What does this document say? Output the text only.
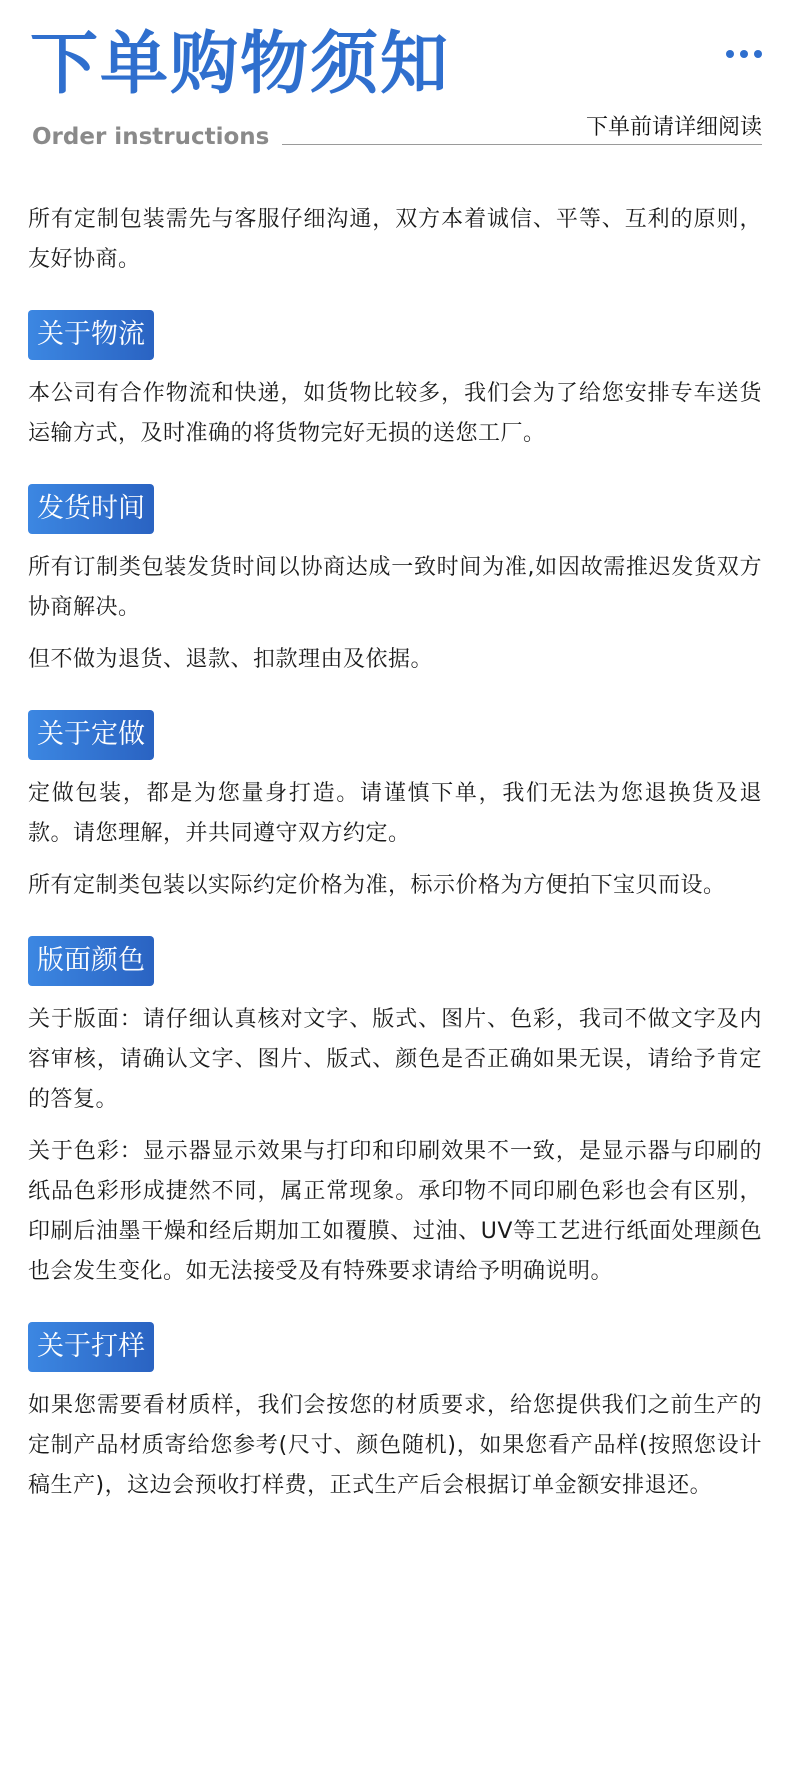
下单购物须知
Order instructions	下单前请详细阅读

所有定制包装需先与客服仔细沟通，双方本着诚信、平等、互利的原则，友好协商。

关于物流

本公司有合作物流和快递，如货物比较多，我们会为了给您安排专车送货运输方式，及时准确的将货物完好无损的送您工厂。

发货时间

所有订制类包装发货时间以协商达成一致时间为准,如因故需推迟发货双方协商解决。

但不做为退货、退款、扣款理由及依据。

关于定做

定做包装，都是为您量身打造。请谨慎下单，我们无法为您退换货及退款。请您理解，并共同遵守双方约定。

所有定制类包装以实际约定价格为准，标示价格为方便拍下宝贝而设。

版面颜色

关于版面：请仔细认真核对文字、版式、图片、色彩，我司不做文字及内容审核，请确认文字、图片、版式、颜色是否正确如果无误，请给予肯定的答复。

关于色彩：显示器显示效果与打印和印刷效果不一致，是显示器与印刷的纸品色彩形成捷然不同，属正常现象。承印物不同印刷色彩也会有区别，印刷后油墨干燥和经后期加工如覆膜、过油、UV等工艺进行纸面处理颜色也会发生变化。如无法接受及有特殊要求请给予明确说明。

关于打样

如果您需要看材质样，我们会按您的材质要求，给您提供我们之前生产的定制产品材质寄给您参考(尺寸、颜色随机)，如果您看产品样(按照您设计稿生产)，这边会预收打样费，正式生产后会根据订单金额安排退还。
